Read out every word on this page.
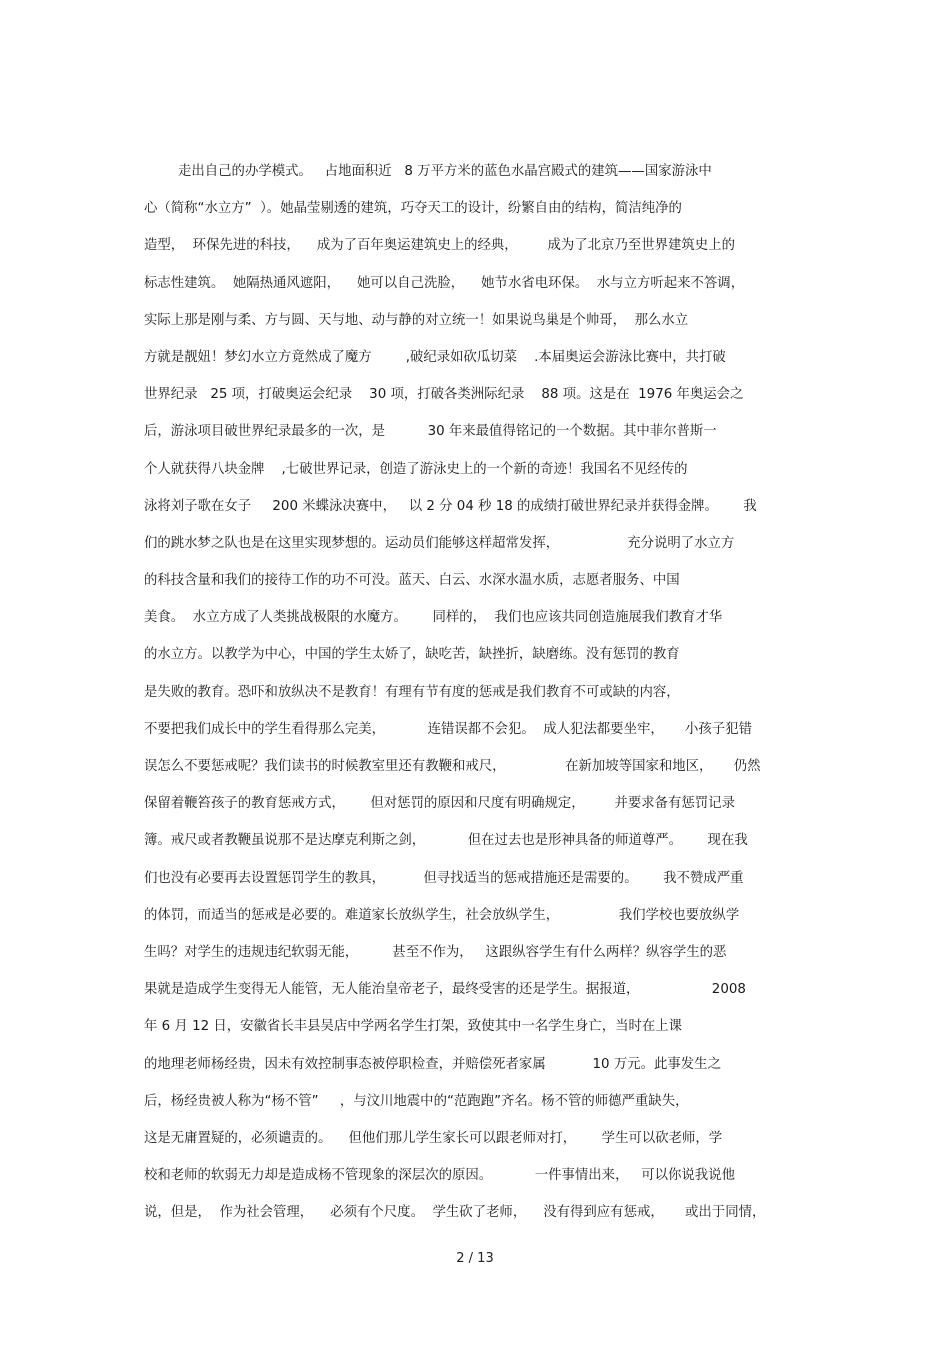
走出自己的办学模式。   占地面积近   8 万平方米的蓝色水晶宫殿式的建筑——国家游泳中
心（简称“水立方”  ）。她晶莹剔透的建筑，巧夺天工的设计，纷繁自由的结构，简洁纯净的
造型，  环保先进的科技，    成为了百年奥运建筑史上的经典，       成为了北京乃至世界建筑史上的
标志性建筑。  她隔热通风遮阳，    她可以自己洗脸，    她节水省电环保。  水与立方听起来不答调，
实际上那是刚与柔、方与圆、天与地、动与静的对立统一！如果说鸟巢是个帅哥，  那么水立
方就是靓妞！梦幻水立方竟然成了魔方        ,破纪录如砍瓜切菜    .本届奥运会游泳比赛中，共打破
世界纪录   25 项，打破奥运会纪录    30 项，打破各类洲际纪录    88 项。这是在  1976 年奥运会之
后，游泳项目破世界纪录最多的一次，是          30 年来最值得铭记的一个数据。其中菲尔普斯一
个人就获得八块金牌    ,七破世界记录，创造了游泳史上的一个新的奇迹！我国名不见经传的
泳将刘子歌在女子     200 米蝶泳决赛中，   以 2 分 04 秒 18 的成绩打破世界纪录并获得金牌。      我
们的跳水梦之队也是在这里实现梦想的。运动员们能够这样超常发挥，                充分说明了水立方
的科技含量和我们的接待工作的功不可没。蓝天、白云、水深水温水质，志愿者服务、中国
美食。  水立方成了人类挑战极限的水魔方。      同样的，  我们也应该共同创造施展我们教育才华
的水立方。以教学为中心，中国的学生太娇了，缺吃苦，缺挫折，缺磨练。没有惩罚的教育
是失败的教育。恐吓和放纵决不是教育！有理有节有度的惩戒是我们教育不可或缺的内容，
不要把我们成长中的学生看得那么完美，          连错误都不会犯。  成人犯法都要坐牢，     小孩子犯错
误怎么不要惩戒呢？我们读书的时候教室里还有教鞭和戒尺，              在新加坡等国家和地区，     仍然
保留着鞭笞孩子的教育惩戒方式，      但对惩罚的原因和尺度有明确规定，       并要求备有惩罚记录
簿。戒尺或者教鞭虽说那不是达摩克利斯之剑，          但在过去也是形神具备的师道尊严。      现在我
们也没有必要再去设置惩罚学生的教具，         但寻找适当的惩戒措施还是需要的。      我不赞成严重
的体罚，而适当的惩戒是必要的。难道家长放纵学生，社会放纵学生，              我们学校也要放纵学
生吗？对学生的违规违纪软弱无能，        甚至不作为，   这跟纵容学生有什么两样？纵容学生的恶
果就是造成学生变得无人能管，无人能治皇帝老子，最终受害的还是学生。据报道，                 2008
年 6 月 12 日，安徽省长丰县吴店中学两名学生打架，致使其中一名学生身亡，当时在上课
的地理老师杨经贵，因未有效控制事态被停职检查，并赔偿死者家属           10 万元。此事发生之
后，杨经贵被人称为“杨不管”     ，与汶川地震中的“范跑跑”齐名。杨不管的师德严重缺失，
这是无庸置疑的，必须谴责的。    但他们那儿学生家长可以跟老师对打，      学生可以砍老师，学
校和老师的软弱无力却是造成杨不管现象的深层次的原因。          一件事情出来，   可以你说我说他
说，但是，  作为社会管理，    必须有个尺度。  学生砍了老师，    没有得到应有惩戒，     或出于同情，
2 / 13
